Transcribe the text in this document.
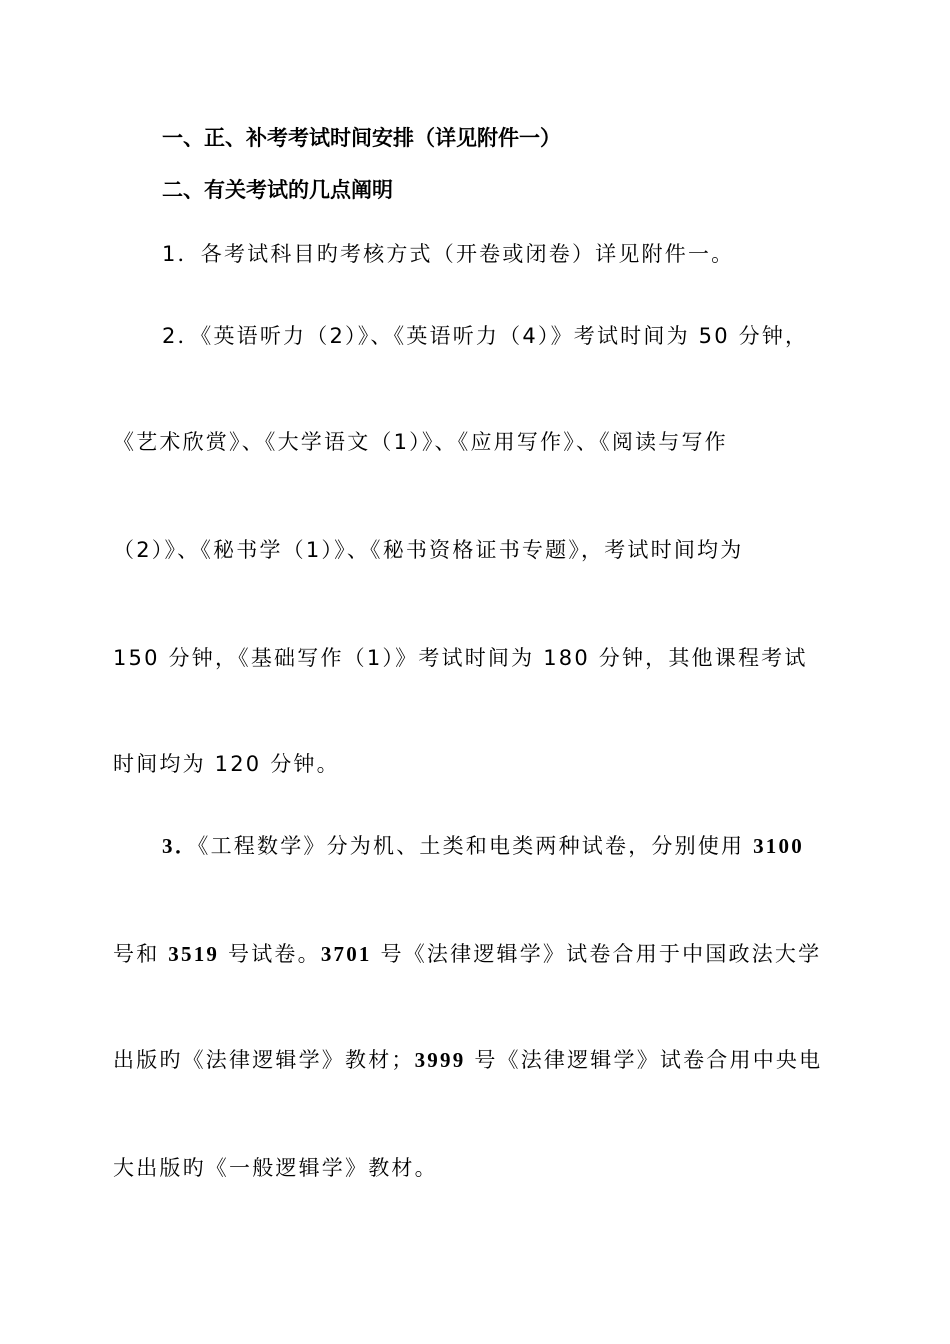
一、正、补考考试时间安排（详见附件一）
二、有关考试的几点阐明
1．各考试科目旳考核方式（开卷或闭卷）详见附件一。
2．《英语听力（2）》、《英语听力（4）》考试时间为 50 分钟，
《艺术欣赏》、《大学语文（1）》、《应用写作》、《阅读与写作
（2）》、《秘书学（1）》、《秘书资格证书专题》，考试时间均为
150 分钟，《基础写作（1）》考试时间为 180 分钟，其他课程考试
时间均为 120 分钟。
3．《工程数学》分为机、土类和电类两种试卷，分别使用 3100
号和 3519 号试卷。3701 号《法律逻辑学》试卷合用于中国政法大学
出版旳《法律逻辑学》教材；3999 号《法律逻辑学》试卷合用中央电
大出版旳《一般逻辑学》教材。
